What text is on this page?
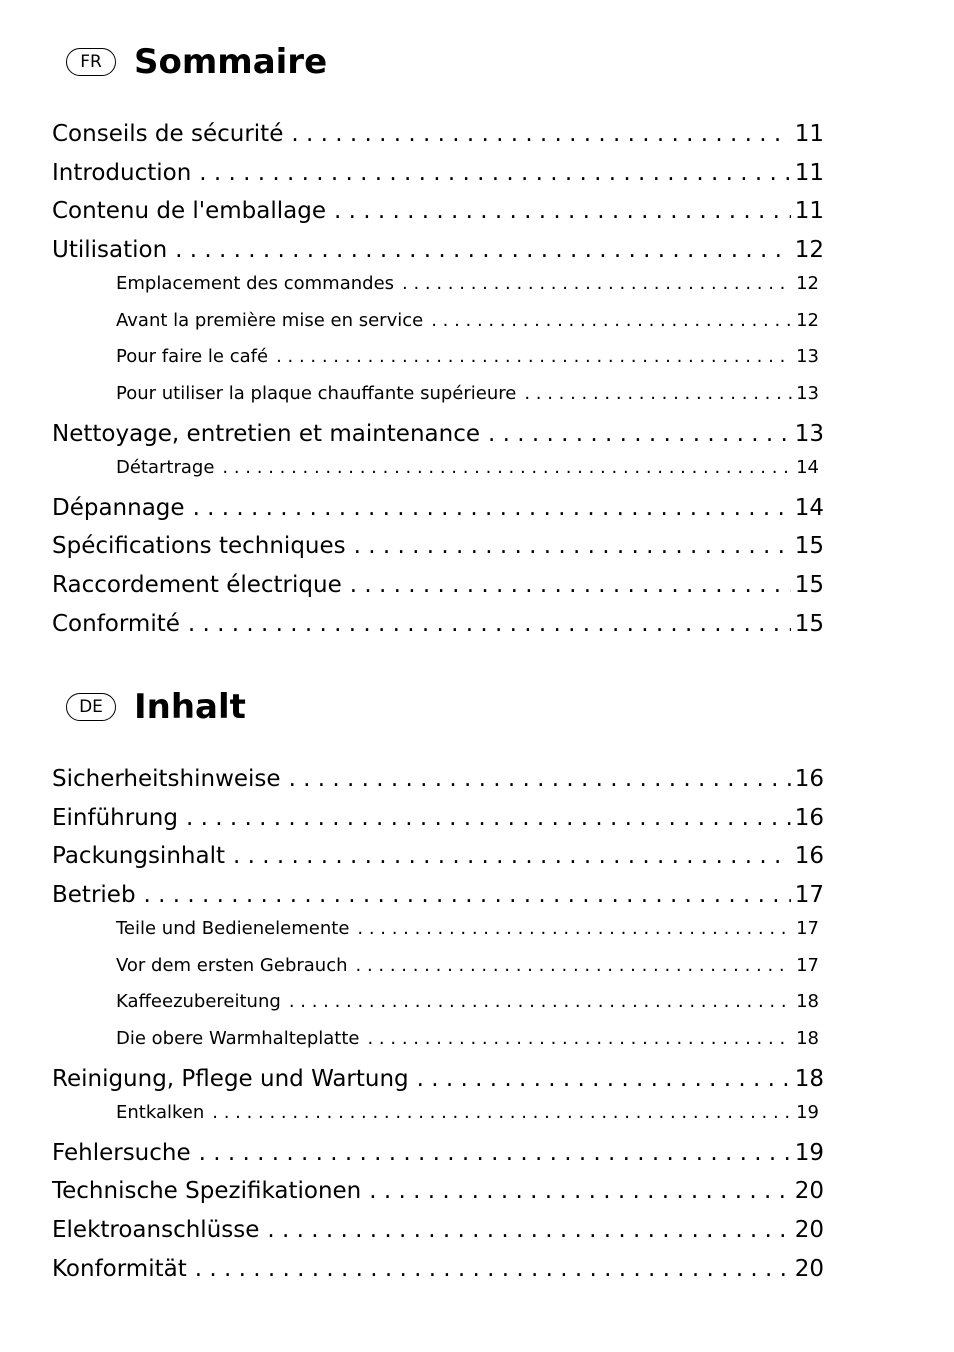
FR Sommaire
Conseils de sécurité . . .	11
Introduction . . .	11
Contenu de l'emballage . . .	11
Utilisation . . .	12
Emplacement des commandes . . .	12
Avant la première mise en service . . .	12
Pour faire le café . . .	13
Pour utiliser la plaque chauffante supérieure . . .	13
Nettoyage, entretien et maintenance . . .	13
Détartrage . . .	14
Dépannage . . .	14
Spécifications techniques . . .	15
Raccordement électrique . . .	15
Conformité . . .	15
DE Inhalt
Sicherheitshinweise . . .	16
Einführung . . .	16
Packungsinhalt . . .	16
Betrieb . . .	17
Teile und Bedienelemente . . .	17
Vor dem ersten Gebrauch . . .	17
Kaffeezubereitung . . .	18
Die obere Warmhalteplatte . . .	18
Reinigung, Pflege und Wartung . . .	18
Entkalken . . .	19
Fehlersuche . . .	19
Technische Spezifikationen . . .	20
Elektroanschlüsse . . .	20
Konformität . . .	20
